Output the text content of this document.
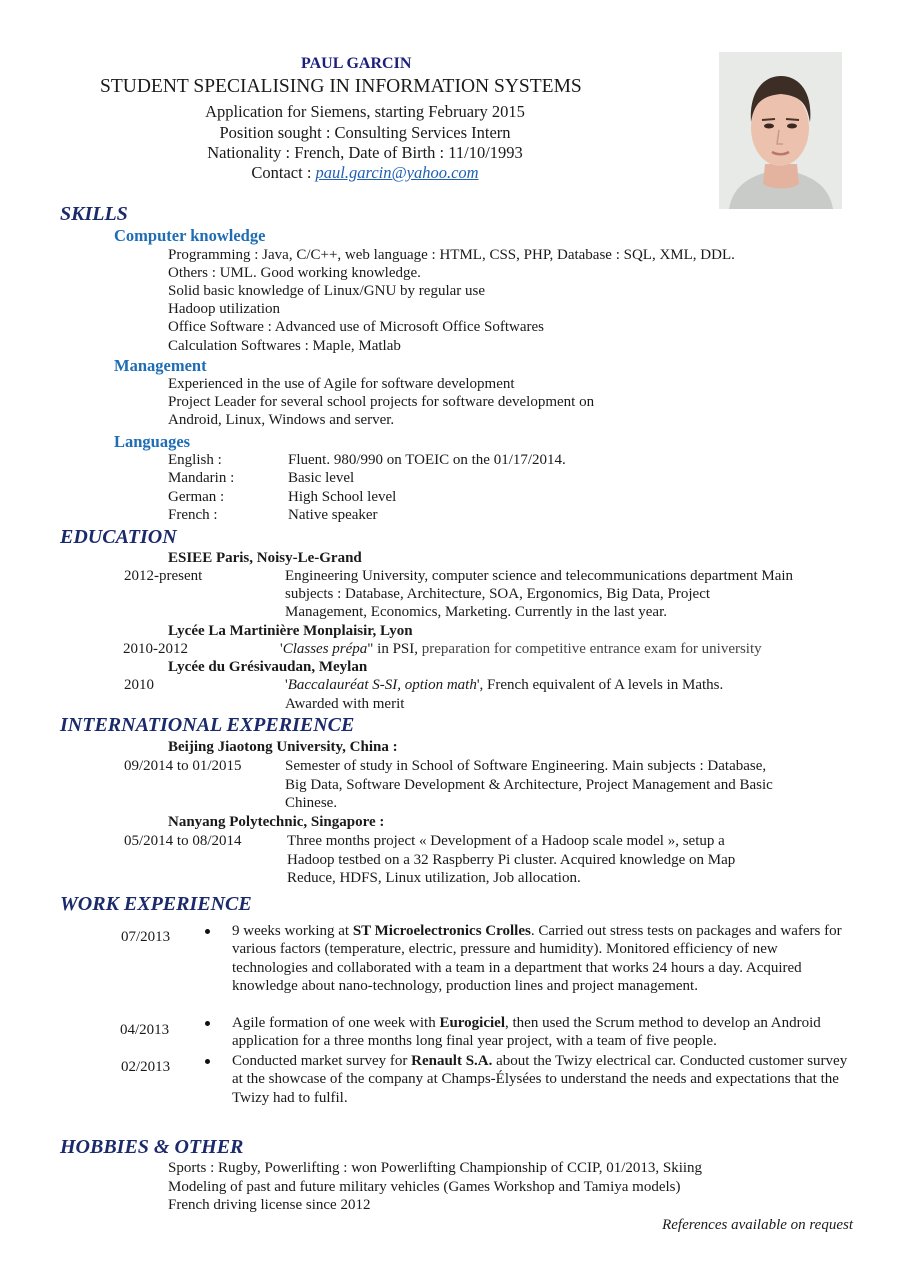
PAUL GARCIN
STUDENT SPECIALISING IN INFORMATION SYSTEMS
Application for Siemens, starting February 2015
Position sought : Consulting Services Intern
Nationality : French, Date of Birth : 11/10/1993
Contact : paul.garcin@yahoo.com
SKILLS
Computer knowledge
Programming : Java, C/C++, web language : HTML, CSS, PHP, Database : SQL, XML, DDL.
Others : UML. Good working knowledge.
Solid basic knowledge of Linux/GNU by regular use
Hadoop utilization
Office Software : Advanced use of Microsoft Office Softwares
Calculation Softwares : Maple, Matlab
Management
Experienced in the use of Agile for software development
Project Leader for several school projects for software development on
Android, Linux, Windows and server.
Languages
English :	Fluent. 980/990 on TOEIC on the 01/17/2014.
Mandarin :	Basic level
German :	High School level
French :	Native speaker
EDUCATION
ESIEE Paris, Noisy-Le-Grand
2012-present	Engineering University, computer science and telecommunications department Main
subjects : Database, Architecture, SOA, Ergonomics, Big Data, Project
Management, Economics, Marketing. Currently in the last year.
Lycée La Martinière Monplaisir, Lyon
2010-2012	'Classes prépa" in PSI, preparation for competitive entrance exam for university
Lycée du Grésivaudan, Meylan
2010	'Baccalauréat S-SI, option math', French equivalent of A levels in Maths.
Awarded with merit
INTERNATIONAL EXPERIENCE
Beijing Jiaotong University, China :
09/2014 to 01/2015	Semester of study in School of Software Engineering. Main subjects : Database,
Big Data, Software Development & Architecture, Project Management and Basic
Chinese.
Nanyang Polytechnic, Singapore :
05/2014 to 08/2014	Three months project « Development of a Hadoop scale model », setup a
Hadoop testbed on a 32 Raspberry Pi cluster. Acquired knowledge on Map
Reduce, HDFS, Linux utilization, Job allocation.
WORK EXPERIENCE
07/2013	9 weeks working at ST Microelectronics Crolles. Carried out stress tests on packages and wafers for various factors (temperature, electric, pressure and humidity). Monitored efficiency of new technologies and collaborated with a team in a department that works 24 hours a day. Acquired knowledge about nano-technology, production lines and project management.
04/2013	Agile formation of one week with Eurogiciel, then used the Scrum method to develop an Android application for a three months long final year project, with a team of five people.
02/2013	Conducted market survey for Renault S.A. about the Twizy electrical car. Conducted customer survey at the showcase of the company at Champs-Élysées to understand the needs and expectations that the Twizy had to fulfil.
HOBBIES & OTHER
Sports : Rugby, Powerlifting : won Powerlifting Championship of CCIP, 01/2013, Skiing
Modeling of past and future military vehicles (Games Workshop and Tamiya models)
French driving license since 2012
References available on request
